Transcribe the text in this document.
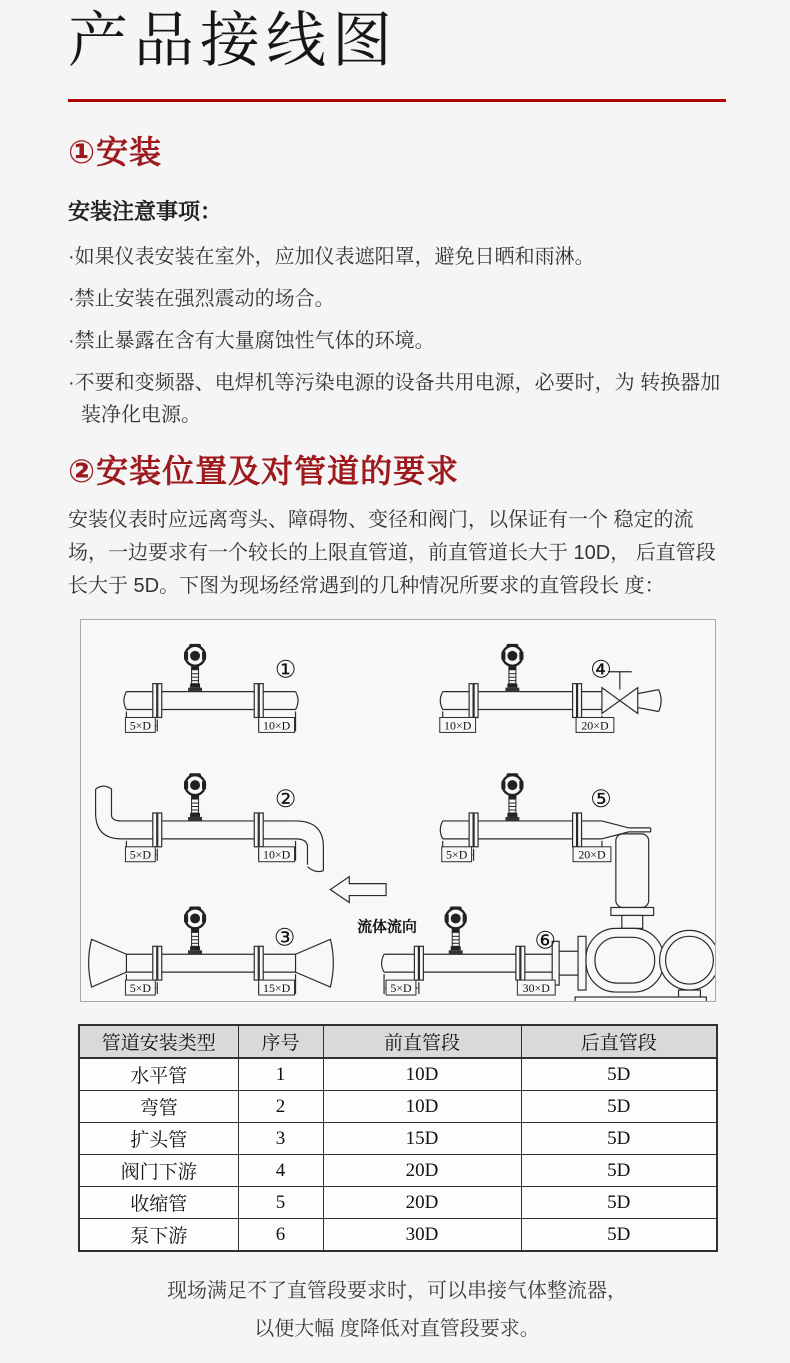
产品接线图
①安装
安装注意事项：
·如果仪表安装在室外，应加仪表遮阳罩，避免日晒和雨淋。
·禁止安装在强烈震动的场合。
·禁止暴露在含有大量腐蚀性气体的环境。
·不要和变频器、电焊机等污染电源的设备共用电源，必要时，为 转换器加装净化电源。
②安装位置及对管道的要求

安装仪表时应远离弯头、障碍物、变径和阀门，以保证有一个 稳定的流场，一边要求有一个较长的上限直管道，前直管道长大于 10D， 后直管段长大于 5D。下图为现场经常遇到的几种情况所要求的直管段长 度：

①
5×D	10×D
④
10×D	20×D
②
5×D	10×D
⑤
5×D	20×D
流体流向
③
5×D	15×D
⑥
5×D	30×D
管道安装类型	序号	前直管段	后直管段
水平管	1	10D	5D
弯管	2	10D	5D
扩头管	3	15D	5D
阀门下游	4	20D	5D
收缩管	5	20D	5D
泵下游	6	30D	5D

现场满足不了直管段要求时，可以串接气体整流器，
以便大幅 度降低对直管段要求。
